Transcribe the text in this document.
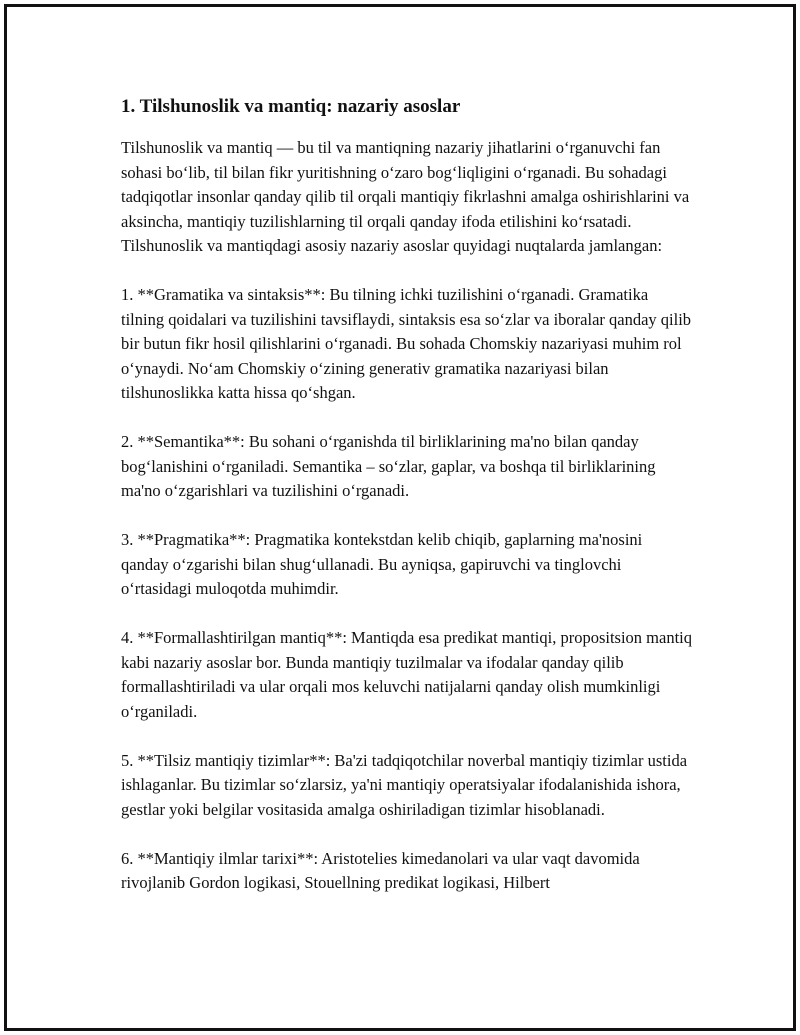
1. Tilshunoslik va mantiq: nazariy asoslar

Tilshunoslik va mantiq — bu til va mantiqning nazariy jihatlarini o‘rganuvchi fan sohasi bo‘lib, til bilan fikr yuritishning o‘zaro bog‘liqligini o‘rganadi. Bu sohadagi tadqiqotlar insonlar qanday qilib til orqali mantiqiy fikrlashni amalga oshirishlarini va aksincha, mantiqiy tuzilishlarning til orqali qanday ifoda etilishini ko‘rsatadi. Tilshunoslik va mantiqdagi asosiy nazariy asoslar quyidagi nuqtalarda jamlangan:

1. **Gramatika va sintaksis**: Bu tilning ichki tuzilishini o‘rganadi. Gramatika tilning qoidalari va tuzilishini tavsiflaydi, sintaksis esa so‘zlar va iboralar qanday qilib bir butun fikr hosil qilishlarini o‘rganadi. Bu sohada Chomskiy nazariyasi muhim rol o‘ynaydi. No‘am Chomskiy o‘zining generativ gramatika nazariyasi bilan tilshunoslikka katta hissa qo‘shgan.

2. **Semantika**: Bu sohani o‘rganishda til birliklarining ma'no bilan qanday bog‘lanishini o‘rganiladi. Semantika – so‘zlar, gaplar, va boshqa til birliklarining ma'no o‘zgarishlari va tuzilishini o‘rganadi.

3. **Pragmatika**: Pragmatika kontekstdan kelib chiqib, gaplarning ma'nosini qanday o‘zgarishi bilan shug‘ullanadi. Bu ayniqsa, gapiruvchi va tinglovchi o‘rtasidagi muloqotda muhimdir.

4. **Formallashtirilgan mantiq**: Mantiqda esa predikat mantiqi, propositsion mantiq kabi nazariy asoslar bor. Bunda mantiqiy tuzilmalar va ifodalar qanday qilib formallashtiriladi va ular orqali mos keluvchi natijalarni qanday olish mumkinligi o‘rganiladi.

5. **Tilsiz mantiqiy tizimlar**: Ba'zi tadqiqotchilar noverbal mantiqiy tizimlar ustida ishlaganlar. Bu tizimlar so‘zlarsiz, ya'ni mantiqiy operatsiyalar ifodalanishida ishora, gestlar yoki belgilar vositasida amalga oshiriladigan tizimlar hisoblanadi.

6. **Mantiqiy ilmlar tarixi**: Aristotelies kimedanolari va ular vaqt davomida rivojlanib Gordon logikasi, Stouellning predikat logikasi, Hilbert
